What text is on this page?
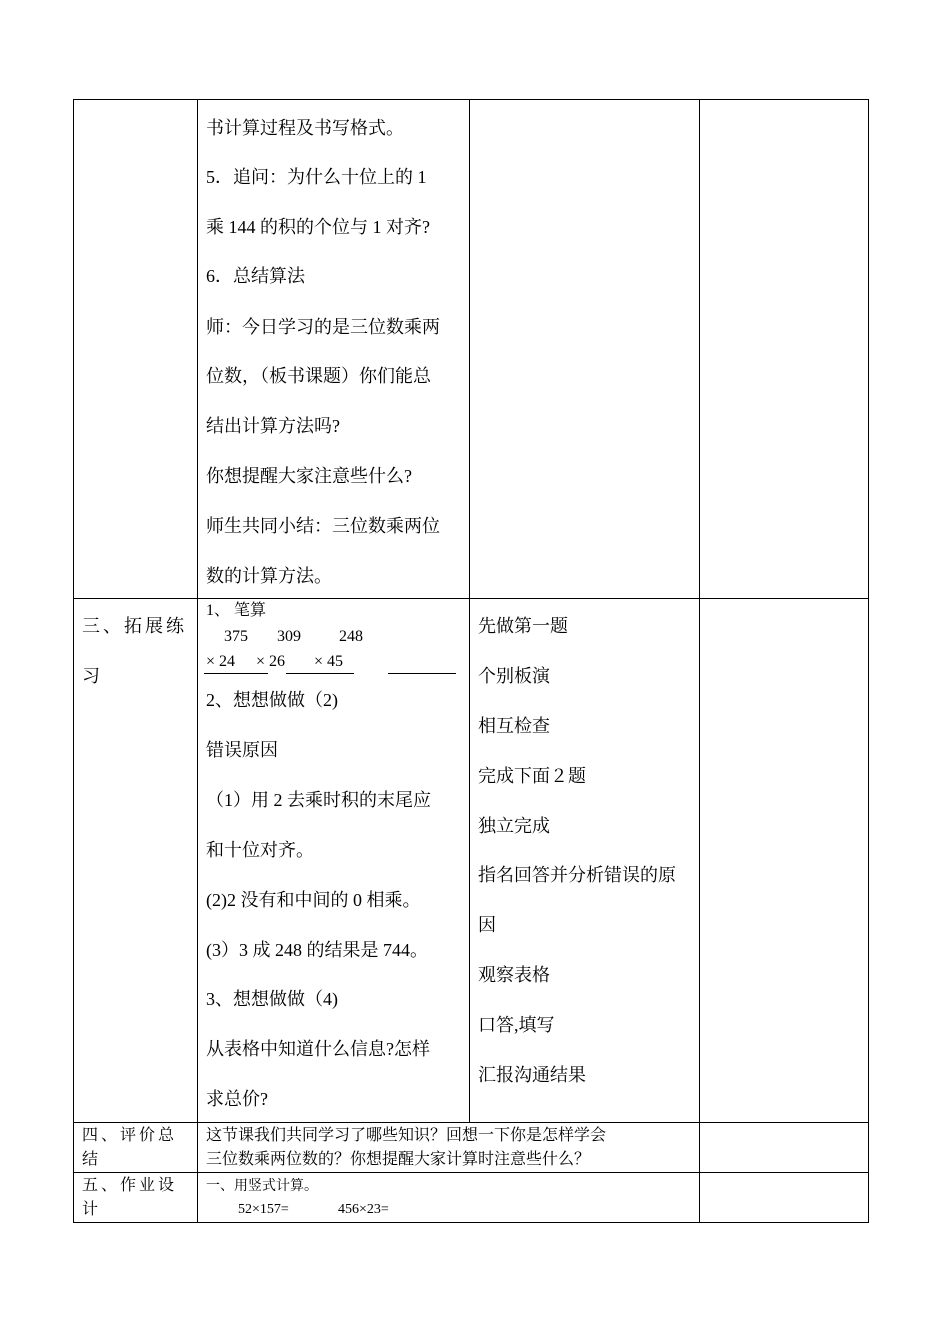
书计算过程及书写格式。
5．追问：为什么十位上的 1
乘 144 的积的个位与 1 对齐?
6．总结算法
师：今日学习的是三位数乘两
位数，（板书课题）你们能总
结出计算方法吗?
你想提醒大家注意些什么?
师生共同小结：三位数乘两位
数的计算方法。
三、拓展练
习
1、 笔算
375 309 248
× 24 × 26 × 45
2、想想做做（2)
错误原因
（1）用 2 去乘时积的末尾应
和十位对齐。
(2)2 没有和中间的 0 相乘。
(3）3 成 248 的结果是 744。
3、想想做做（4)
从表格中知道什么信息?怎样
求总价?
先做第一题
个别板演
相互检查
完成下面２题
独立完成
指名回答并分析错误的原
因
观察表格
口答,填写
汇报沟通结果
四、评价总
结
这节课我们共同学习了哪些知识？回想一下你是怎样学会
三位数乘两位数的？你想提醒大家计算时注意些什么？
五、作业设
计
一、用竖式计算。
52×157=	456×23=
